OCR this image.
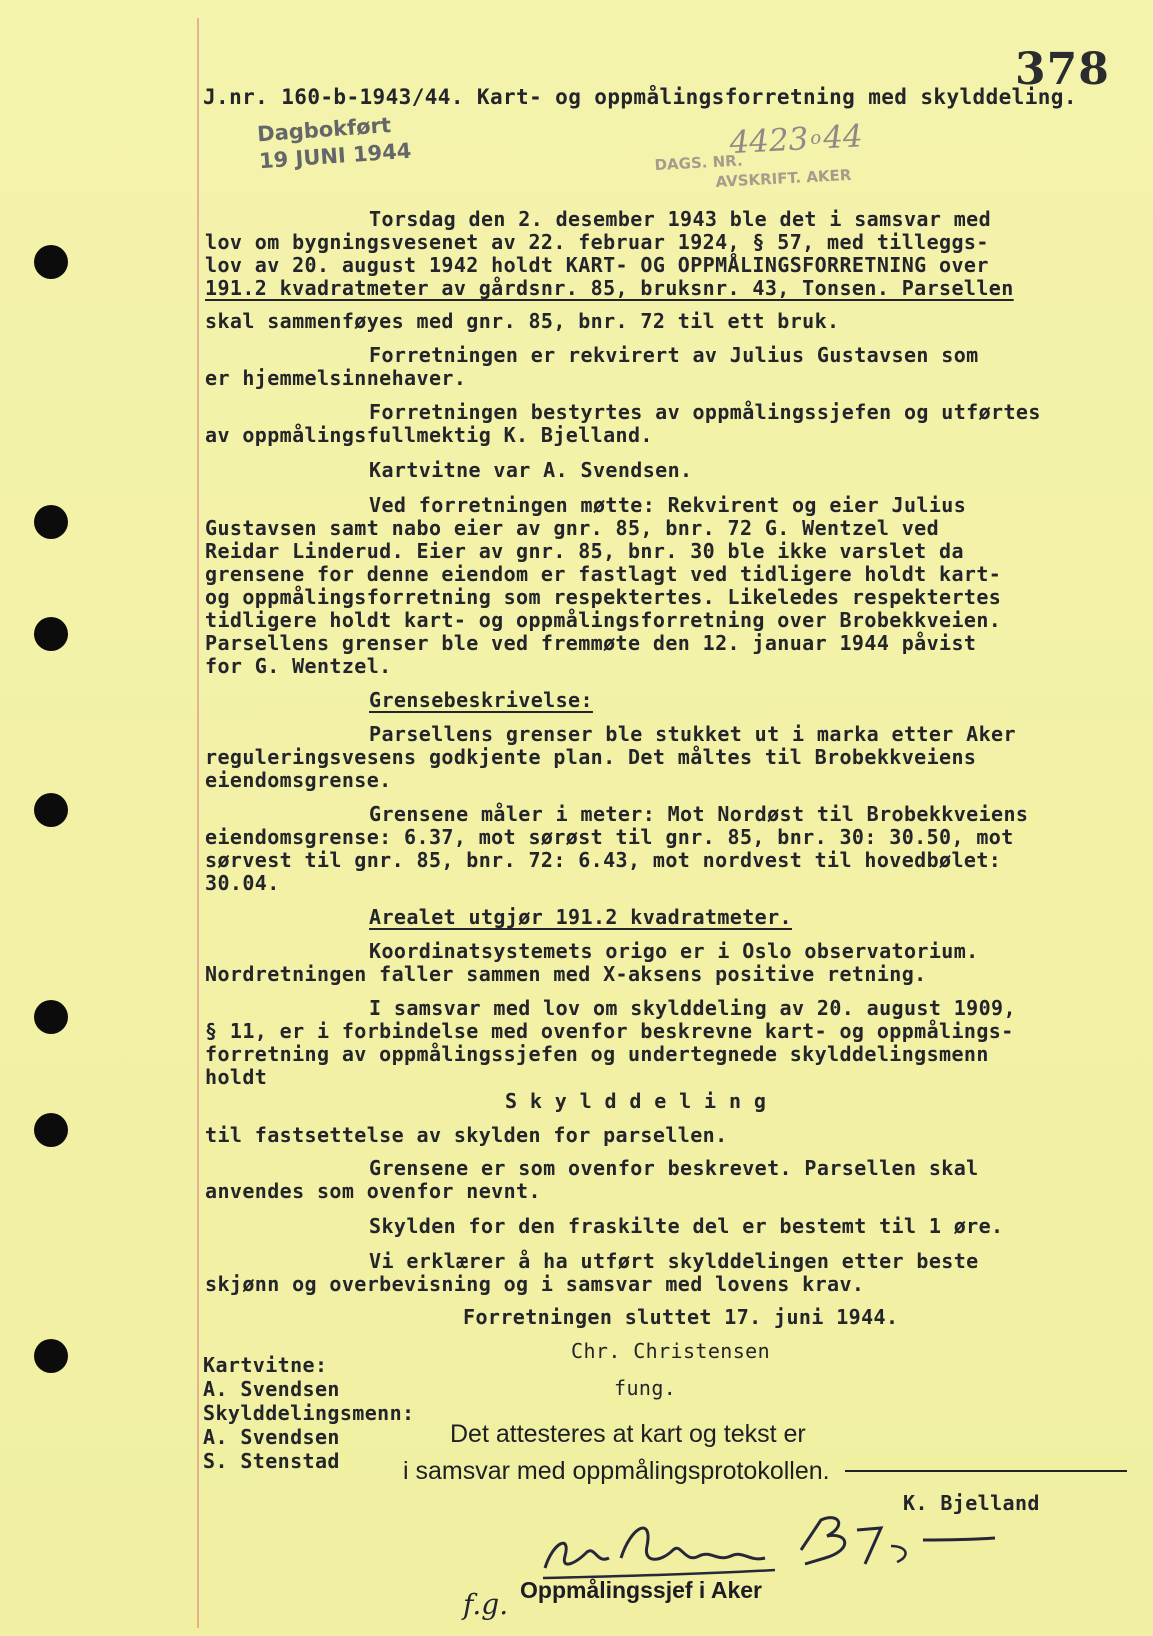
378
J.nr. 160-b-1943/44. Kart- og oppmålingsforretning med skylddeling.
Dagbokført
19 JUNI 1944	DAGS. NR.
AVSKRIFT. AKER
4423$^o$44
Torsdag den 2. desember 1943 ble det i samsvar med
lov om bygningsvesenet av 22. februar 1924, § 57, med tilleggs-
lov av 20. august 1942 holdt KART- OG OPPMÅLINGSFORRETNING over
191.2 kvadratmeter av gårdsnr. 85, bruksnr. 43, Tonsen. Parsellen
skal sammenføyes med gnr. 85, bnr. 72 til ett bruk.
Forretningen er rekvirert av Julius Gustavsen som
er hjemmelsinnehaver.
Forretningen bestyrtes av oppmålingssjefen og utførtes
av oppmålingsfullmektig K. Bjelland.
Kartvitne var A. Svendsen.
Ved forretningen møtte: Rekvirent og eier Julius
Gustavsen samt nabo eier av gnr. 85, bnr. 72 G. Wentzel ved
Reidar Linderud. Eier av gnr. 85, bnr. 30 ble ikke varslet da
grensene for denne eiendom er fastlagt ved tidligere holdt kart-
og oppmålingsforretning som respektertes. Likeledes respektertes
tidligere holdt kart- og oppmålingsforretning over Brobekkveien.
Parsellens grenser ble ved fremmøte den 12. januar 1944 påvist
for G. Wentzel.
Grensebeskrivelse:
Parsellens grenser ble stukket ut i marka etter Aker
reguleringsvesens godkjente plan. Det måltes til Brobekkveiens
eiendomsgrense.
Grensene måler i meter: Mot Nordøst til Brobekkveiens
eiendomsgrense: 6.37, mot sørøst til gnr. 85, bnr. 30: 30.50, mot
sørvest til gnr. 85, bnr. 72: 6.43, mot nordvest til hovedbølet:
30.04.
Arealet utgjør 191.2 kvadratmeter.
Koordinatsystemets origo er i Oslo observatorium.
Nordretningen faller sammen med X-aksens positive retning.
I samsvar med lov om skylddeling av 20. august 1909,
§ 11, er i forbindelse med ovenfor beskrevne kart- og oppmålings-
forretning av oppmålingssjefen og undertegnede skylddelingsmenn
holdt
S k y l d d e l i n g
til fastsettelse av skylden for parsellen.
Grensene er som ovenfor beskrevet. Parsellen skal
anvendes som ovenfor nevnt.
Skylden for den fraskilte del er bestemt til 1 øre.
Vi erklærer å ha utført skylddelingen etter beste
skjønn og overbevisning og i samsvar med lovens krav.
Forretningen sluttet 17. juni 1944.
Chr. Christensen
fung.
Kartvitne:
A. Svendsen
Skylddelingsmenn:
A. Svendsen
S. Stenstad
Det attesteres at kart og tekst er
i samsvar med oppmålingsprotokollen.
K. Bjelland
f.g. Oppmålingssjef i Aker
